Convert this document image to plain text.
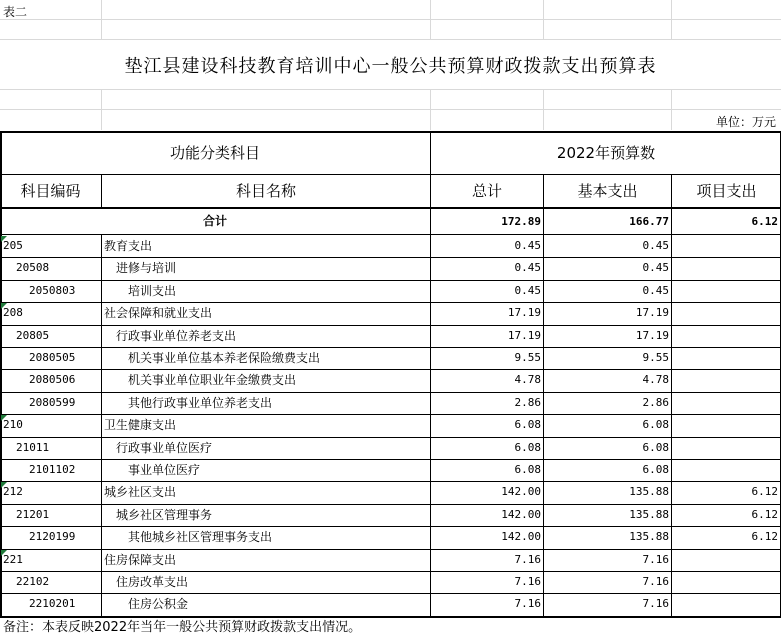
表二
垫江县建设科技教育培训中心一般公共预算财政拨款支出预算表
单位：万元
功能分类科目	2022年预算数
科目编码	科目名称	总计	基本支出	项目支出
合计	172.89	166.77	6.12
205	教育支出	0.45	0.45
20508	进修与培训	0.45	0.45
2050803	培训支出	0.45	0.45
208	社会保障和就业支出	17.19	17.19
20805	行政事业单位养老支出	17.19	17.19
2080505	机关事业单位基本养老保险缴费支出	9.55	9.55
2080506	机关事业单位职业年金缴费支出	4.78	4.78
2080599	其他行政事业单位养老支出	2.86	2.86
210	卫生健康支出	6.08	6.08
21011	行政事业单位医疗	6.08	6.08
2101102	事业单位医疗	6.08	6.08
212	城乡社区支出	142.00	135.88	6.12
21201	城乡社区管理事务	142.00	135.88	6.12
2120199	其他城乡社区管理事务支出	142.00	135.88	6.12
221	住房保障支出	7.16	7.16
22102	住房改革支出	7.16	7.16
2210201	住房公积金	7.16	7.16
备注：本表反映2022年当年一般公共预算财政拨款支出情况。
